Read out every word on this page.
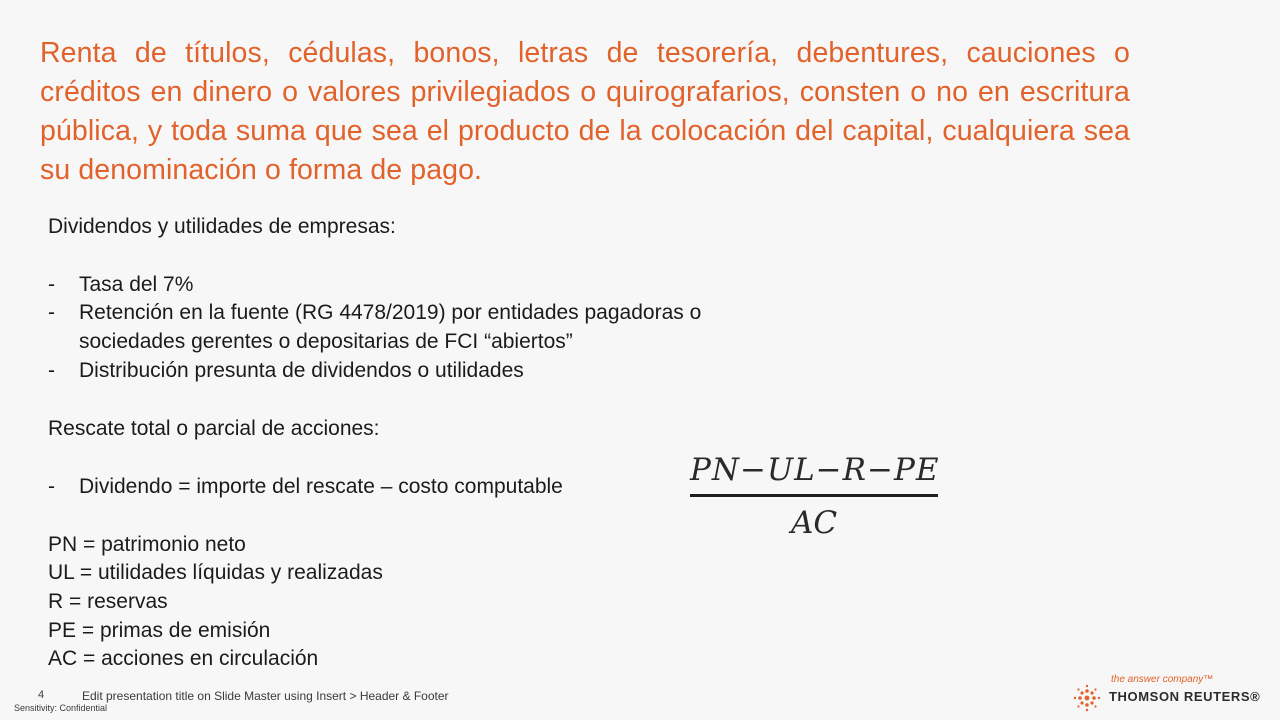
Renta de títulos, cédulas, bonos, letras de tesorería, debentures, cauciones o créditos en dinero o valores privilegiados o quirografarios, consten o no en escritura pública, y toda suma que sea el producto de la colocación del capital, cualquiera sea su denominación o forma de pago.
Dividendos y utilidades de empresas:
-	Tasa del 7%
-	Retención en la fuente (RG 4478/2019) por entidades pagadoras o
sociedades gerentes o depositarias de FCI “abiertos”
-	Distribución presunta de dividendos o utilidades
Rescate total o parcial de acciones:
-	Dividendo = importe del rescate – costo computable	PN−UL−R−PE
AC
PN = patrimonio neto
UL = utilidades líquidas y realizadas
R = reservas
PE = primas de emisión
AC = acciones en circulación
4	Edit presentation title on Slide Master using Insert > Header & Footer
Sensitivity: Confidential
the answer company™
THOMSON REUTERS®
